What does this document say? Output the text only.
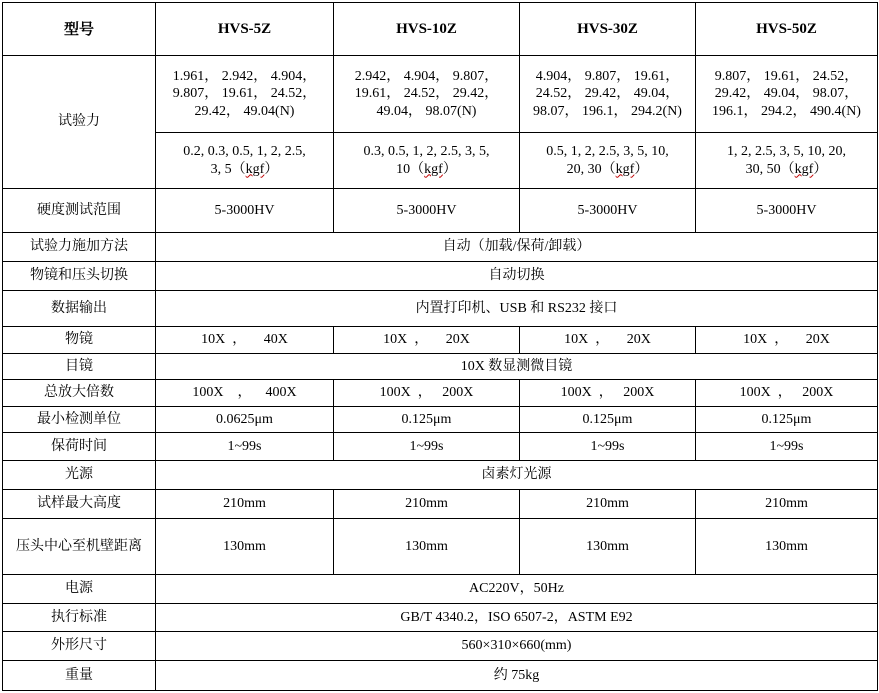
型号	HVS-5Z	HVS-10Z	HVS-30Z	HVS-50Z
试验力	1.961， 2.942， 4.904，
9.807， 19.61， 24.52，
29.42， 49.04(N)	2.942， 4.904， 9.807，
19.61， 24.52， 29.42，
49.04， 98.07(N)	4.904， 9.807， 19.61，
24.52， 29.42， 49.04，
98.07， 196.1， 294.2(N)	9.807， 19.61， 24.52，
29.42， 49.04， 98.07，
196.1， 294.2， 490.4(N)
	0.2, 0.3, 0.5, 1, 2, 2.5,
3, 5（kgf）	0.3, 0.5, 1, 2, 2.5, 3, 5,
10（kgf）	0.5, 1, 2, 2.5, 3, 5, 10,
20, 30（kgf）	1, 2, 2.5, 3, 5, 10, 20,
30, 50（kgf）
硬度测试范围	5-3000HV	5-3000HV	5-3000HV	5-3000HV
试验力施加方法	自动（加载/保荷/卸载）			
物镜和压头切换	自动切换			
数据输出	内置打印机、USB 和 RS232 接口			
物镜	10X  ，     40X	10X  ，     20X	10X  ，     20X	10X  ，     20X
目镜	10X 数显测微目镜			
总放大倍数	100X    ，    400X	100X  ，   200X	100X  ，   200X	100X  ，   200X
最小检测单位	0.0625μm	0.125μm	0.125μm	0.125μm
保荷时间	1~99s	1~99s	1~99s	1~99s
光源	卤素灯光源			
试样最大高度	210mm	210mm	210mm	210mm
压头中心至机壁距离	130mm	130mm	130mm	130mm
电源	AC220V，50Hz			
执行标准	GB/T 4340.2，ISO 6507-2，ASTM E92			
外形尺寸	560×310×660(mm)			
重量	约 75kg			
